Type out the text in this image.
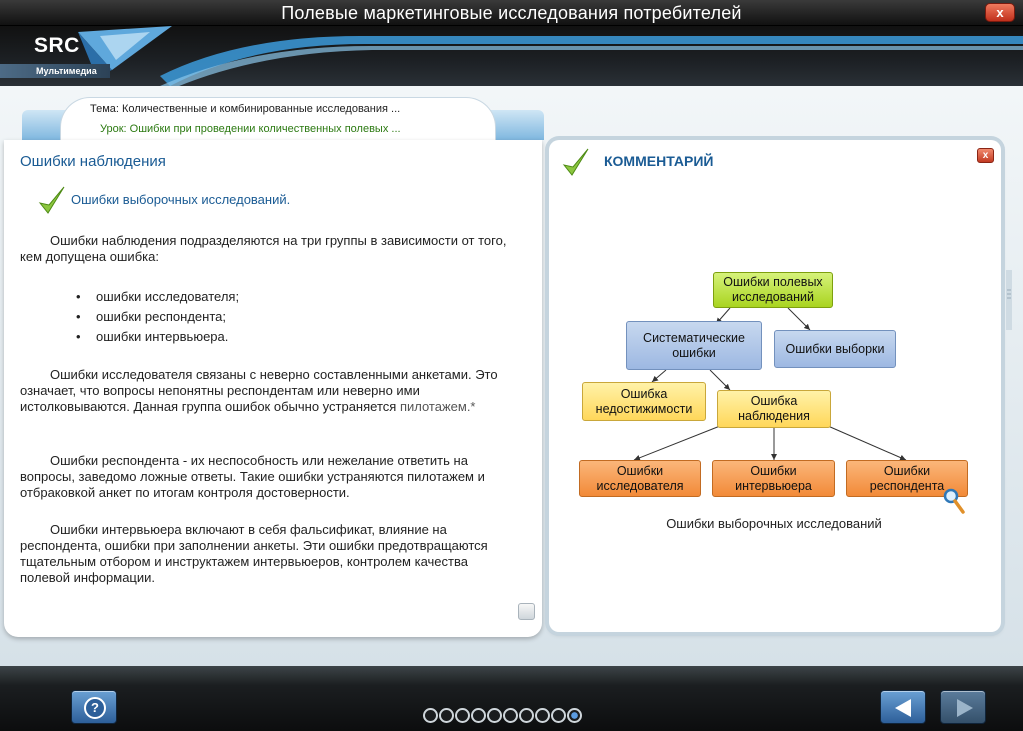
Полевые маркетинговые исследования потребителей	x
SRC
Мультимедиа
Тема: Количественные и комбинированные исследования ...
Урок: Ошибки при проведении количественных полевых ...
Ошибки наблюдения
Ошибки выборочных исследований.
Ошибки наблюдения подразделяются на три группы в зависимости от того, кем допущена ошибка:
• ошибки исследователя;
• ошибки респондента;
• ошибки интервьюера.
Ошибки исследователя связаны с неверно составленными анкетами. Это означает, что вопросы непонятны респондентам или неверно ими истолковываются. Данная группа ошибок обычно устраняется пилотажем.*
Ошибки респондента - их неспособность или нежелание ответить на вопросы, заведомо ложные ответы. Такие ошибки устраняются пилотажем и отбраковкой анкет по итогам контроля достоверности.
Ошибки интервьюера включают в себя фальсификат, влияние на респондента, ошибки при заполнении анкеты. Эти ошибки предотвращаются тщательным отбором и инструктажем интервьюеров, контролем качества полевой информации.
КОММЕНТАРИЙ	x
Ошибки полевых исследований
Систематические ошибки	Ошибки выборки
Ошибка недостижимости
Ошибка наблюдения
Ошибки исследователя
Ошибки интервьюера
Ошибки респондента
Ошибки выборочных исследований
?
